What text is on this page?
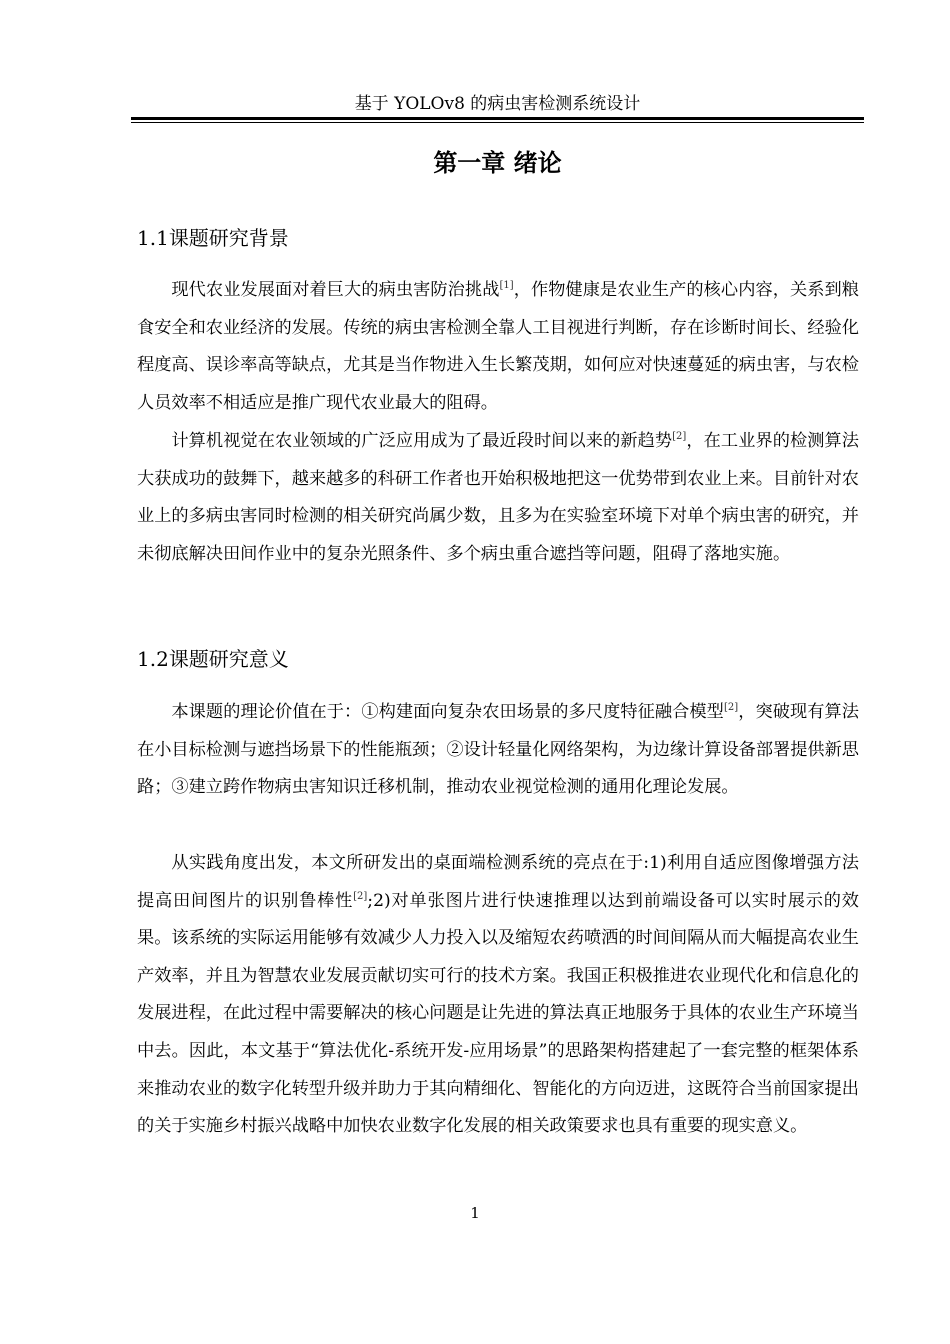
基于 YOLOv8 的病虫害检测系统设计
第一章 绪论
1.1课题研究背景

现代农业发展面对着巨大的病虫害防治挑战[1]，作物健康是农业生产的核心内容，关系到粮食安全和农业经济的发展。传统的病虫害检测全靠人工目视进行判断，存在诊断时间长、经验化程度高、误诊率高等缺点，尤其是当作物进入生长繁茂期，如何应对快速蔓延的病虫害，与农检人员效率不相适应是推广现代农业最大的阻碍。

计算机视觉在农业领域的广泛应用成为了最近段时间以来的新趋势[2]，在工业界的检测算法大获成功的鼓舞下，越来越多的科研工作者也开始积极地把这一优势带到农业上来。目前针对农业上的多病虫害同时检测的相关研究尚属少数，且多为在实验室环境下对单个病虫害的研究，并未彻底解决田间作业中的复杂光照条件、多个病虫重合遮挡等问题，阻碍了落地实施。

1.2课题研究意义

本课题的理论价值在于：①构建面向复杂农田场景的多尺度特征融合模型[2]，突破现有算法在小目标检测与遮挡场景下的性能瓶颈；②设计轻量化网络架构，为边缘计算设备部署提供新思路；③建立跨作物病虫害知识迁移机制，推动农业视觉检测的通用化理论发展。

从实践角度出发，本文所研发出的桌面端检测系统的亮点在于:1)利用自适应图像增强方法提高田间图片的识别鲁棒性[2];2)对单张图片进行快速推理以达到前端设备可以实时展示的效果。该系统的实际运用能够有效减少人力投入以及缩短农药喷洒的时间间隔从而大幅提高农业生产效率，并且为智慧农业发展贡献切实可行的技术方案。我国正积极推进农业现代化和信息化的发展进程，在此过程中需要解决的核心问题是让先进的算法真正地服务于具体的农业生产环境当中去。因此，本文基于“算法优化-系统开发-应用场景”的思路架构搭建起了一套完整的框架体系来推动农业的数字化转型升级并助力于其向精细化、智能化的方向迈进，这既符合当前国家提出的关于实施乡村振兴战略中加快农业数字化发展的相关政策要求也具有重要的现实意义。

1
